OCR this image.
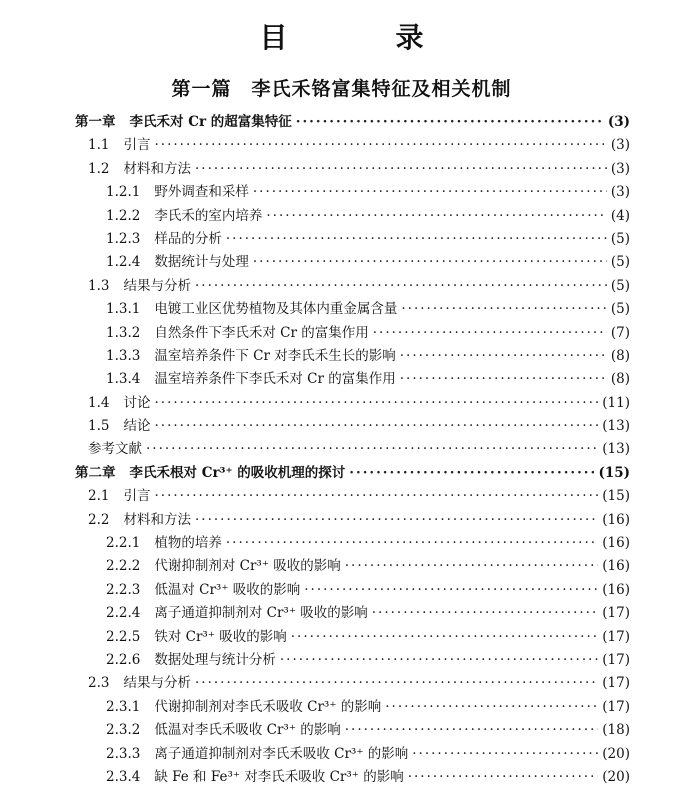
目　录
第一篇　李氏禾铬富集特征及相关机制
第一章 李氏禾对 Cr 的超富集特征 ·····	(3)
1.1 引言 ·····	(3)
1.2 材料和方法 ·····	(3)
1.2.1 野外调查和采样 ·····	(3)
1.2.2 李氏禾的室内培养 ·····	(4)
1.2.3 样品的分析 ·····	(5)
1.2.4 数据统计与处理 ·····	(5)
1.3 结果与分析 ·····	(5)
1.3.1 电镀工业区优势植物及其体内重金属含量 ·····	(5)
1.3.2 自然条件下李氏禾对 Cr 的富集作用 ·····	(7)
1.3.3 温室培养条件下 Cr 对李氏禾生长的影响 ·····	(8)
1.3.4 温室培养条件下李氏禾对 Cr 的富集作用 ·····	(8)
1.4 讨论 ·····	(11)
1.5 结论 ·····	(13)
参考文献 ·····	(13)
第二章 李氏禾根对 Cr³⁺ 的吸收机理的探讨 ·····	(15)
2.1 引言 ·····	(15)
2.2 材料和方法 ·····	(16)
2.2.1 植物的培养 ·····	(16)
2.2.2 代谢抑制剂对 Cr³⁺ 吸收的影响 ·····	(16)
2.2.3 低温对 Cr³⁺ 吸收的影响 ·····	(16)
2.2.4 离子通道抑制剂对 Cr³⁺ 吸收的影响 ·····	(17)
2.2.5 铁对 Cr³⁺ 吸收的影响 ·····	(17)
2.2.6 数据处理与统计分析 ·····	(17)
2.3 结果与分析 ·····	(17)
2.3.1 代谢抑制剂对李氏禾吸收 Cr³⁺ 的影响 ·····	(17)
2.3.2 低温对李氏禾吸收 Cr³⁺ 的影响 ·····	(18)
2.3.3 离子通道抑制剂对李氏禾吸收 Cr³⁺ 的影响 ·····	(20)
2.3.4 缺 Fe 和 Fe³⁺ 对李氏禾吸收 Cr³⁺ 的影响 ·····	(20)
